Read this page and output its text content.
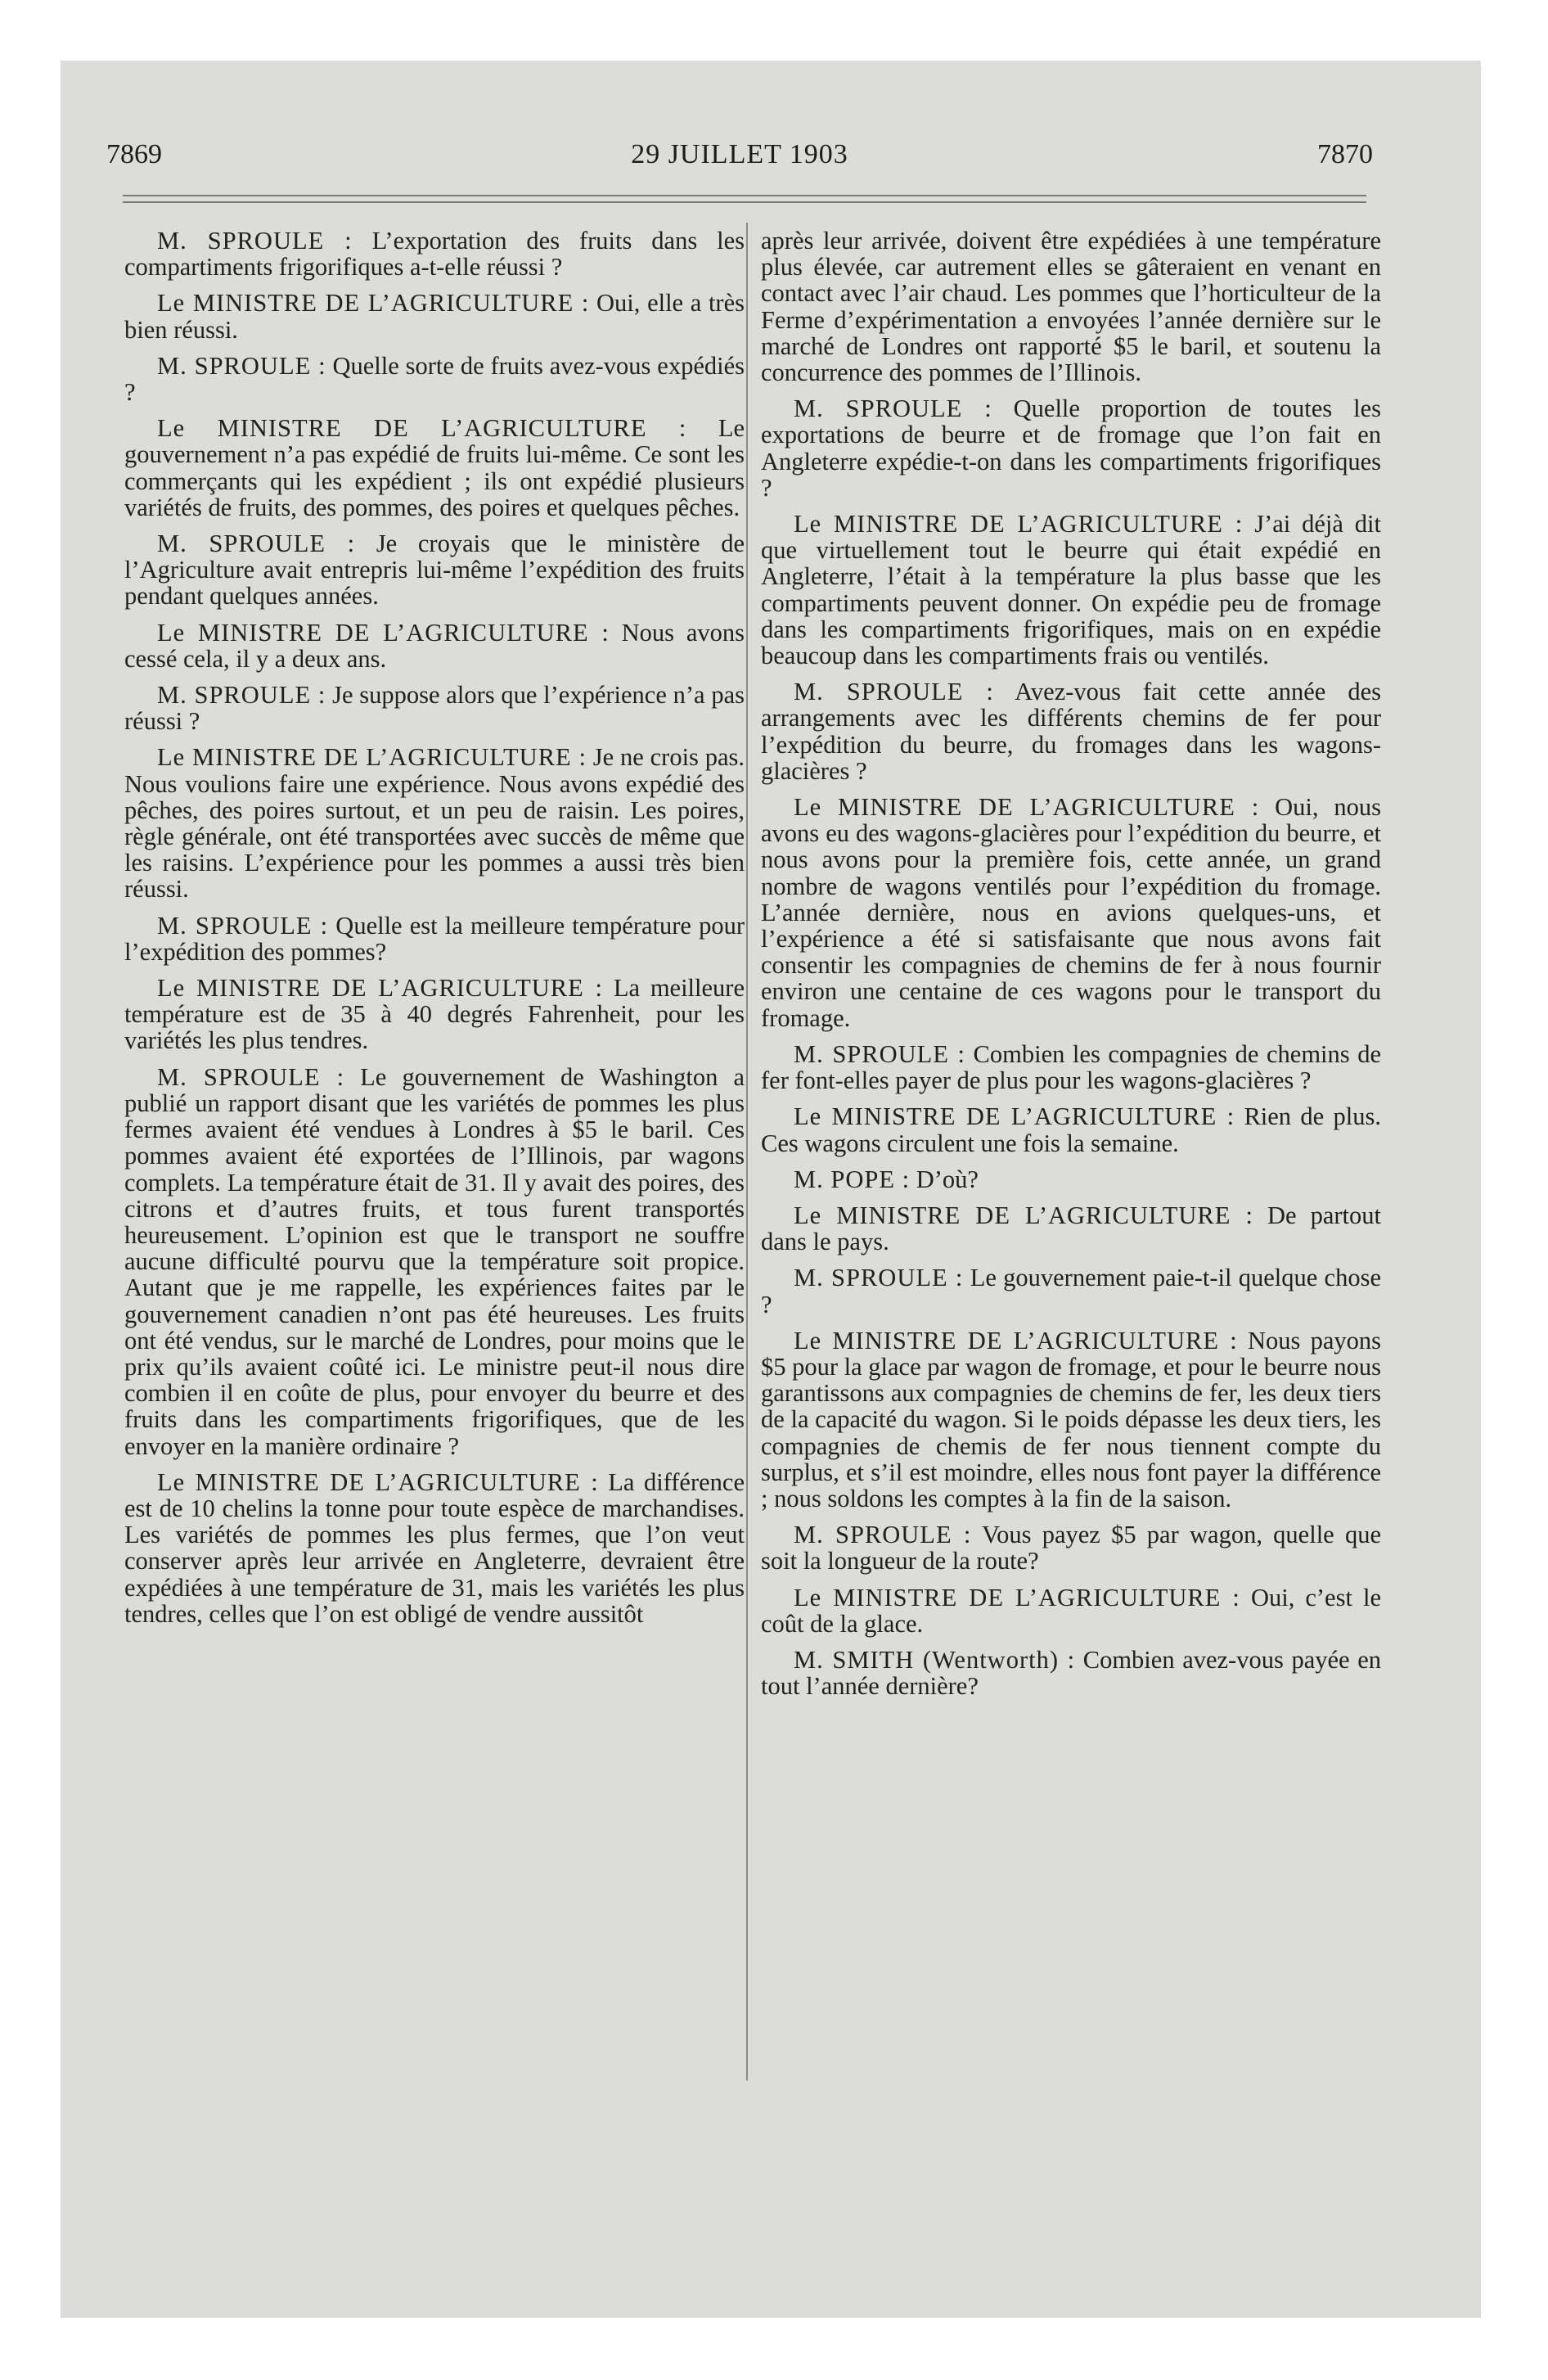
7869	29 JUILLET 1903	7870

M. SPROULE : L’exportation des fruits dans les compartiments frigorifiques a-t-elle réussi ?

Le MINISTRE DE L’AGRICULTURE : Oui, elle a très bien réussi.

M. SPROULE : Quelle sorte de fruits avez-vous expédiés ?

Le MINISTRE DE L’AGRICULTURE : Le gouvernement n’a pas expédié de fruits lui-même. Ce sont les commerçants qui les expédient ; ils ont expédié plusieurs variétés de fruits, des pommes, des poires et quelques pêches.

M. SPROULE : Je croyais que le ministère de l’Agriculture avait entrepris lui-même l’expédition des fruits pendant quelques années.

Le MINISTRE DE L’AGRICULTURE : Nous avons cessé cela, il y a deux ans.

M. SPROULE : Je suppose alors que l’expérience n’a pas réussi ?

Le MINISTRE DE L’AGRICULTURE : Je ne crois pas. Nous voulions faire une expérience. Nous avons expédié des pêches, des poires surtout, et un peu de raisin. Les poires, règle générale, ont été transportées avec succès de même que les raisins. L’expérience pour les pommes a aussi très bien réussi.

M. SPROULE : Quelle est la meilleure température pour l’expédition des pommes?

Le MINISTRE DE L’AGRICULTURE : La meilleure température est de 35 à 40 degrés Fahrenheit, pour les variétés les plus tendres.

M. SPROULE : Le gouvernement de Washington a publié un rapport disant que les variétés de pommes les plus fermes avaient été vendues à Londres à $5 le baril. Ces pommes avaient été exportées de l’Illinois, par wagons complets. La température était de 31. Il y avait des poires, des citrons et d’autres fruits, et tous furent transportés heureusement. L’opinion est que le transport ne souffre aucune difficulté pourvu que la température soit propice. Autant que je me rappelle, les expériences faites par le gouvernement canadien n’ont pas été heureuses. Les fruits ont été vendus, sur le marché de Londres, pour moins que le prix qu’ils avaient coûté ici. Le ministre peut-il nous dire combien il en coûte de plus, pour envoyer du beurre et des fruits dans les compartiments frigorifiques, que de les envoyer en la manière ordinaire ?

Le MINISTRE DE L’AGRICULTURE : La différence est de 10 chelins la tonne pour toute espèce de marchandises. Les variétés de pommes les plus fermes, que l’on veut conserver après leur arrivée en Angleterre, devraient être expédiées à une température de 31, mais les variétés les plus tendres, celles que l’on est obligé de vendre aussitôt

après leur arrivée, doivent être expédiées à une température plus élevée, car autrement elles se gâteraient en venant en contact avec l’air chaud. Les pommes que l’horticulteur de la Ferme d’expérimentation a envoyées l’année dernière sur le marché de Londres ont rapporté $5 le baril, et soutenu la concurrence des pommes de l’Illinois.

M. SPROULE : Quelle proportion de toutes les exportations de beurre et de fromage que l’on fait en Angleterre expédie-t-on dans les compartiments frigorifiques ?

Le MINISTRE DE L’AGRICULTURE : J’ai déjà dit que virtuellement tout le beurre qui était expédié en Angleterre, l’était à la température la plus basse que les compartiments peuvent donner. On expédie peu de fromage dans les compartiments frigorifiques, mais on en expédie beaucoup dans les compartiments frais ou ventilés.

M. SPROULE : Avez-vous fait cette année des arrangements avec les différents chemins de fer pour l’expédition du beurre, du fromages dans les wagons-glacières ?

Le MINISTRE DE L’AGRICULTURE : Oui, nous avons eu des wagons-glacières pour l’expédition du beurre, et nous avons pour la première fois, cette année, un grand nombre de wagons ventilés pour l’expédition du fromage. L’année dernière, nous en avions quelques-uns, et l’expérience a été si satisfaisante que nous avons fait consentir les compagnies de chemins de fer à nous fournir environ une centaine de ces wagons pour le transport du fromage.

M. SPROULE : Combien les compagnies de chemins de fer font-elles payer de plus pour les wagons-glacières ?

Le MINISTRE DE L’AGRICULTURE : Rien de plus. Ces wagons circulent une fois la semaine.

M. POPE : D’où?

Le MINISTRE DE L’AGRICULTURE : De partout dans le pays.

M. SPROULE : Le gouvernement paie-t-il quelque chose ?

Le MINISTRE DE L’AGRICULTURE : Nous payons $5 pour la glace par wagon de fromage, et pour le beurre nous garantissons aux compagnies de chemins de fer, les deux tiers de la capacité du wagon. Si le poids dépasse les deux tiers, les compagnies de chemis de fer nous tiennent compte du surplus, et s’il est moindre, elles nous font payer la différence ; nous soldons les comptes à la fin de la saison.

M. SPROULE : Vous payez $5 par wagon, quelle que soit la longueur de la route?

Le MINISTRE DE L’AGRICULTURE : Oui, c’est le coût de la glace.

M. SMITH (Wentworth) : Combien avez-vous payée en tout l’année dernière?
